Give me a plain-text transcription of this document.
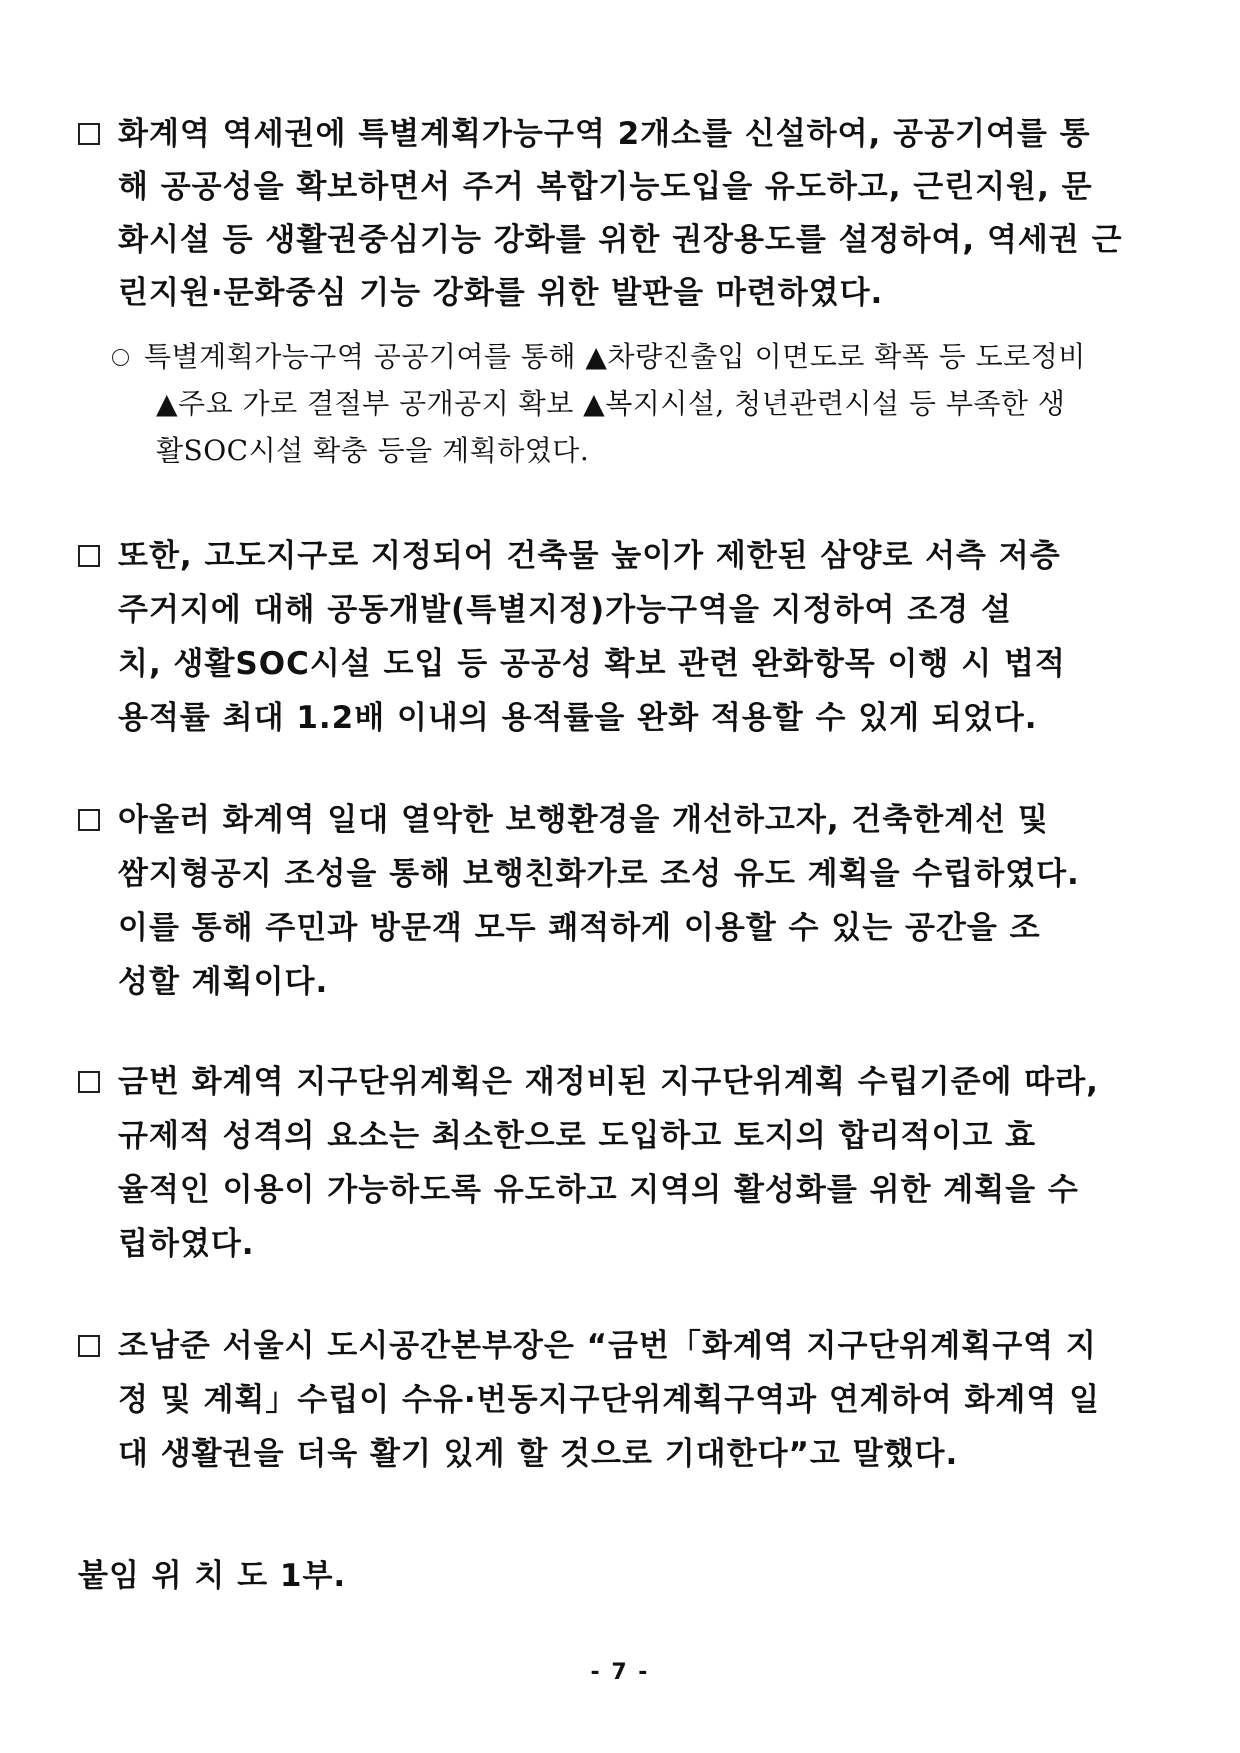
화계역 역세권에 특별계획가능구역 2개소를 신설하여, 공공기여를 통
해 공공성을 확보하면서 주거 복합기능도입을 유도하고, 근린지원, 문
화시설 등 생활권중심기능 강화를 위한 권장용도를 설정하여, 역세권 근
린지원·문화중심 기능 강화를 위한 발판을 마련하였다.
특별계획가능구역 공공기여를 통해 ▲차량진출입 이면도로 확폭 등 도로정비
▲주요 가로 결절부 공개공지 확보 ▲복지시설, 청년관련시설 등 부족한 생
활SOC시설 확충 등을 계획하였다.
또한, 고도지구로 지정되어 건축물 높이가 제한된 삼양로 서측 저층
주거지에 대해 공동개발(특별지정)가능구역을 지정하여 조경 설
치, 생활SOC시설 도입 등 공공성 확보 관련 완화항목 이행 시 법적
용적률 최대 1.2배 이내의 용적률을 완화 적용할 수 있게 되었다.
아울러 화계역 일대 열악한 보행환경을 개선하고자, 건축한계선 및
쌈지형공지 조성을 통해 보행친화가로 조성 유도 계획을 수립하였다.
이를 통해 주민과 방문객 모두 쾌적하게 이용할 수 있는 공간을 조
성할 계획이다.
금번 화계역 지구단위계획은 재정비된 지구단위계획 수립기준에 따라,
규제적 성격의 요소는 최소한으로 도입하고 토지의 합리적이고 효
율적인 이용이 가능하도록 유도하고 지역의 활성화를 위한 계획을 수
립하였다.
조남준 서울시 도시공간본부장은 “금번「화계역 지구단위계획구역 지
정 및 계획」수립이 수유·번동지구단위계획구역과 연계하여 화계역 일
대 생활권을 더욱 활기 있게 할 것으로 기대한다”고 말했다.
붙임 위 치 도 1부.
- 7 -
